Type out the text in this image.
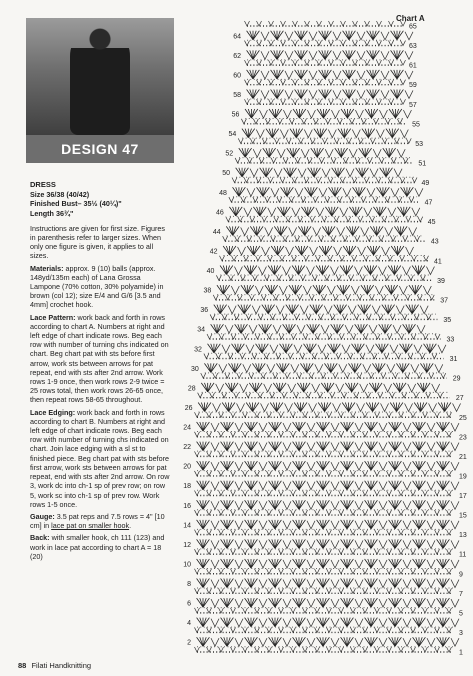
DESIGN 47
DRESS
Size 36/38 (40/42)
Finished Bust– 35½ (40¼)"

Length 36¾"

Instructions are given for first size. Figures in parenthesis refer to larger sizes. When only one figure is given, it applies to all sizes.

Materials: approx. 9 (10) balls (approx. 148yd/135m each) of Lana Grossa Lampone (70% cotton, 30% polyamide) in brown (col 12); size E/4 and G/6 [3.5 and 4mm] crochet hook.

Lace Pattern: work back and forth in rows according to chart A. Numbers at right and left edge of chart indicate rows. Beg each row with number of turning chs indicated on chart. Beg chart pat with sts before first arrow, work sts between arrows for pat repeat, end with sts after 2nd arrow. Work rows 1-9 once, then work rows 2-9 twice = 25 rows total, then work rows 26-65 once, then repeat rows 58-65 throughout.

Lace Edging: work back and forth in rows according to chart B. Numbers at right and left edge of chart indicate rows. Beg each row with number of turning chs indicated on chart. Join lace edging with a sl st to finished piece. Beg chart pat with sts before first arrow, work sts between arrows for pat repeat, end with sts after 2nd arrow. On row 3, work dc into ch-1 sp of prev row; on row 5, work sc into ch-1 sp of prev row. Work rows 1-5 once.

Gauge: 3.5 pat reps and 7.5 rows = 4" [10 cm] in lace pat on smaller hook.

Back: with smaller hook, ch 111 (123) and work in lace pat according to chart A = 18 (20)

Chart A
65
63
61
59
57
55
53
51
49
47
45
43
41
39
37
35
33
31
29
27
25
23
21
19
17
15
13
11
9
7
5
3
1
64
62
60
58
56
54
52
50
48
46
44
42
40
38
36
34
32
30
28
26
24
22
20
18
16
14
12
10
8
6
4
2
88 Filati Handknitting
